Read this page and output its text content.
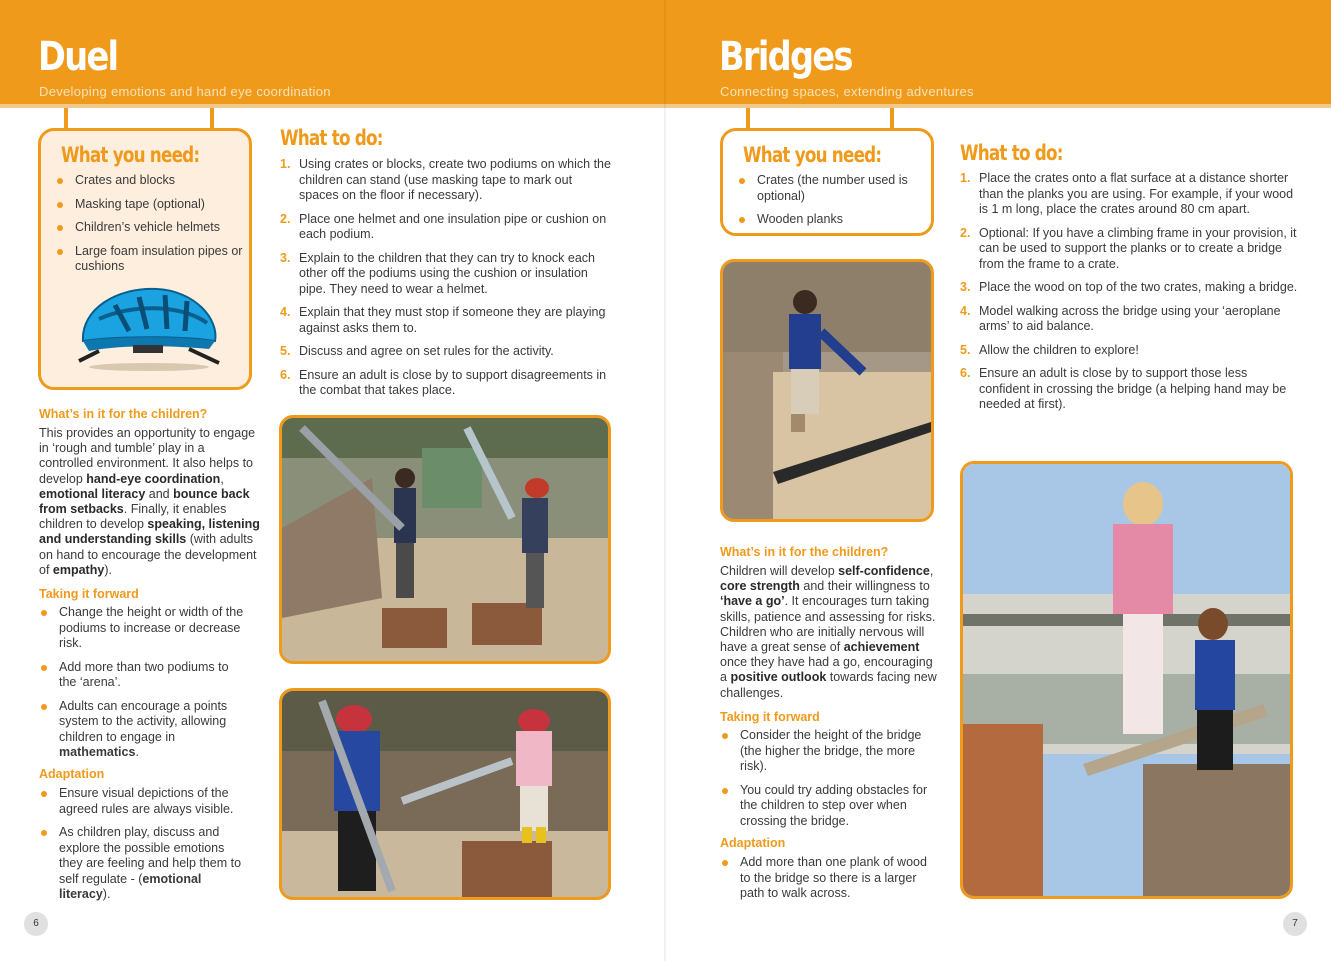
Duel
Developing emotions and hand eye coordination
What you need:
Crates and blocks
Masking tape (optional)
Children’s vehicle helmets
Large foam insulation pipes or cushions
What’s in it for the children?
This provides an opportunity to engage in ‘rough and tumble’ play in a controlled environment. It also helps to develop hand-eye coordination, emotional literacy and bounce back from setbacks. Finally, it enables children to develop speaking, listening and understanding skills (with adults on hand to encourage the development of empathy).
Taking it forward
Change the height or width of the podiums to increase or decrease risk.
Add more than two podiums to the ‘arena’.
Adults can encourage a points system to the activity, allowing children to engage in mathematics.
Adaptation
Ensure visual depictions of the agreed rules are always visible.
As children play, discuss and explore the possible emotions they are feeling and help them to self regulate - (emotional literacy).
What to do:
1. Using crates or blocks, create two podiums on which the children can stand (use masking tape to mark out spaces on the floor if necessary).
2. Place one helmet and one insulation pipe or cushion on each podium.
3. Explain to the children that they can try to knock each other off the podiums using the cushion or insulation pipe. They need to wear a helmet.
4. Explain that they must stop if someone they are playing against asks them to.
5. Discuss and agree on set rules for the activity.
6. Ensure an adult is close by to support disagreements in the combat that takes place.
6
Bridges
Connecting spaces, extending adventures
What you need:
Crates (the number used is optional)
Wooden planks
What’s in it for the children?
Children will develop self-confidence, core strength and their willingness to ‘have a go’. It encourages turn taking skills, patience and assessing for risks. Children who are initially nervous will have a great sense of achievement once they have had a go, encouraging a positive outlook towards facing new challenges.
Taking it forward
Consider the height of the bridge (the higher the bridge, the more risk).
You could try adding obstacles for the children to step over when crossing the bridge.
Adaptation
Add more than one plank of wood to the bridge so there is a larger path to walk across.
What to do:
1. Place the crates onto a flat surface at a distance shorter than the planks you are using. For example, if your wood is 1 m long, place the crates around 80 cm apart.
2. Optional: If you have a climbing frame in your provision, it can be used to support the planks or to create a bridge from the frame to a crate.
3. Place the wood on top of the two crates, making a bridge.
4. Model walking across the bridge using your ‘aeroplane arms’ to aid balance.
5. Allow the children to explore!
6. Ensure an adult is close by to support those less confident in crossing the bridge (a helping hand may be needed at first).
7
